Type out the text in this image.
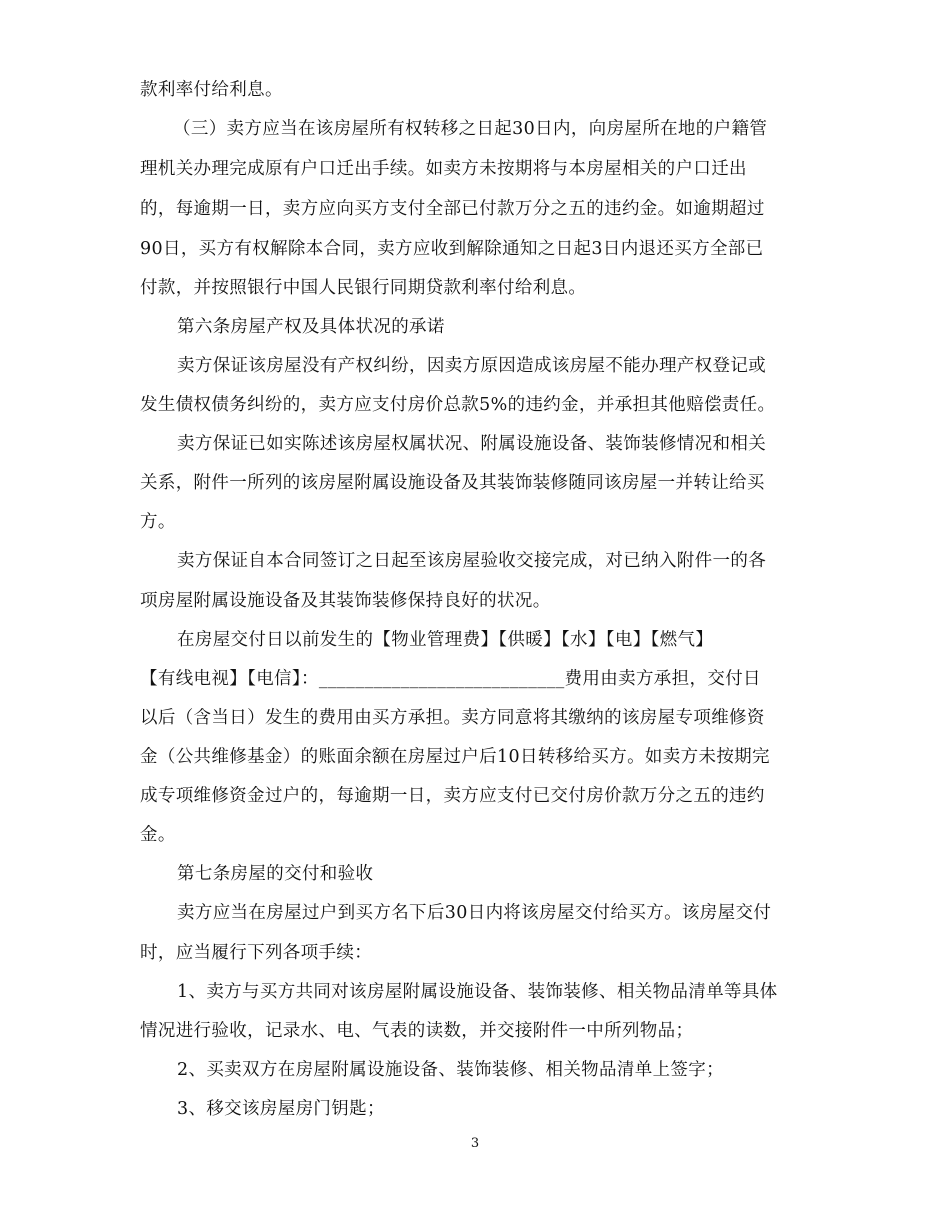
款利率付给利息。
（三）卖方应当在该房屋所有权转移之日起30日内，向房屋所在地的户籍管
理机关办理完成原有户口迁出手续。如卖方未按期将与本房屋相关的户口迁出
的，每逾期一日，卖方应向买方支付全部已付款万分之五的违约金。如逾期超过
90日，买方有权解除本合同，卖方应收到解除通知之日起3日内退还买方全部已
付款，并按照银行中国人民银行同期贷款利率付给利息。
第六条房屋产权及具体状况的承诺
卖方保证该房屋没有产权纠纷，因卖方原因造成该房屋不能办理产权登记或
发生债权债务纠纷的，卖方应支付房价总款5%的违约金，并承担其他赔偿责任。
卖方保证已如实陈述该房屋权属状况、附属设施设备、装饰装修情况和相关
关系，附件一所列的该房屋附属设施设备及其装饰装修随同该房屋一并转让给买
方。
卖方保证自本合同签订之日起至该房屋验收交接完成，对已纳入附件一的各
项房屋附属设施设备及其装饰装修保持良好的状况。
在房屋交付日以前发生的【物业管理费】【供暖】【水】【电】【燃气】
【有线电视】【电信】：___________________________费用由卖方承担，交付日
以后（含当日）发生的费用由买方承担。卖方同意将其缴纳的该房屋专项维修资
金（公共维修基金）的账面余额在房屋过户后10日转移给买方。如卖方未按期完
成专项维修资金过户的，每逾期一日，卖方应支付已交付房价款万分之五的违约
金。
第七条房屋的交付和验收
卖方应当在房屋过户到买方名下后30日内将该房屋交付给买方。该房屋交付
时，应当履行下列各项手续：
1、卖方与买方共同对该房屋附属设施设备、装饰装修、相关物品清单等具体
情况进行验收，记录水、电、气表的读数，并交接附件一中所列物品；
2、买卖双方在房屋附属设施设备、装饰装修、相关物品清单上签字；
3、移交该房屋房门钥匙；
3
